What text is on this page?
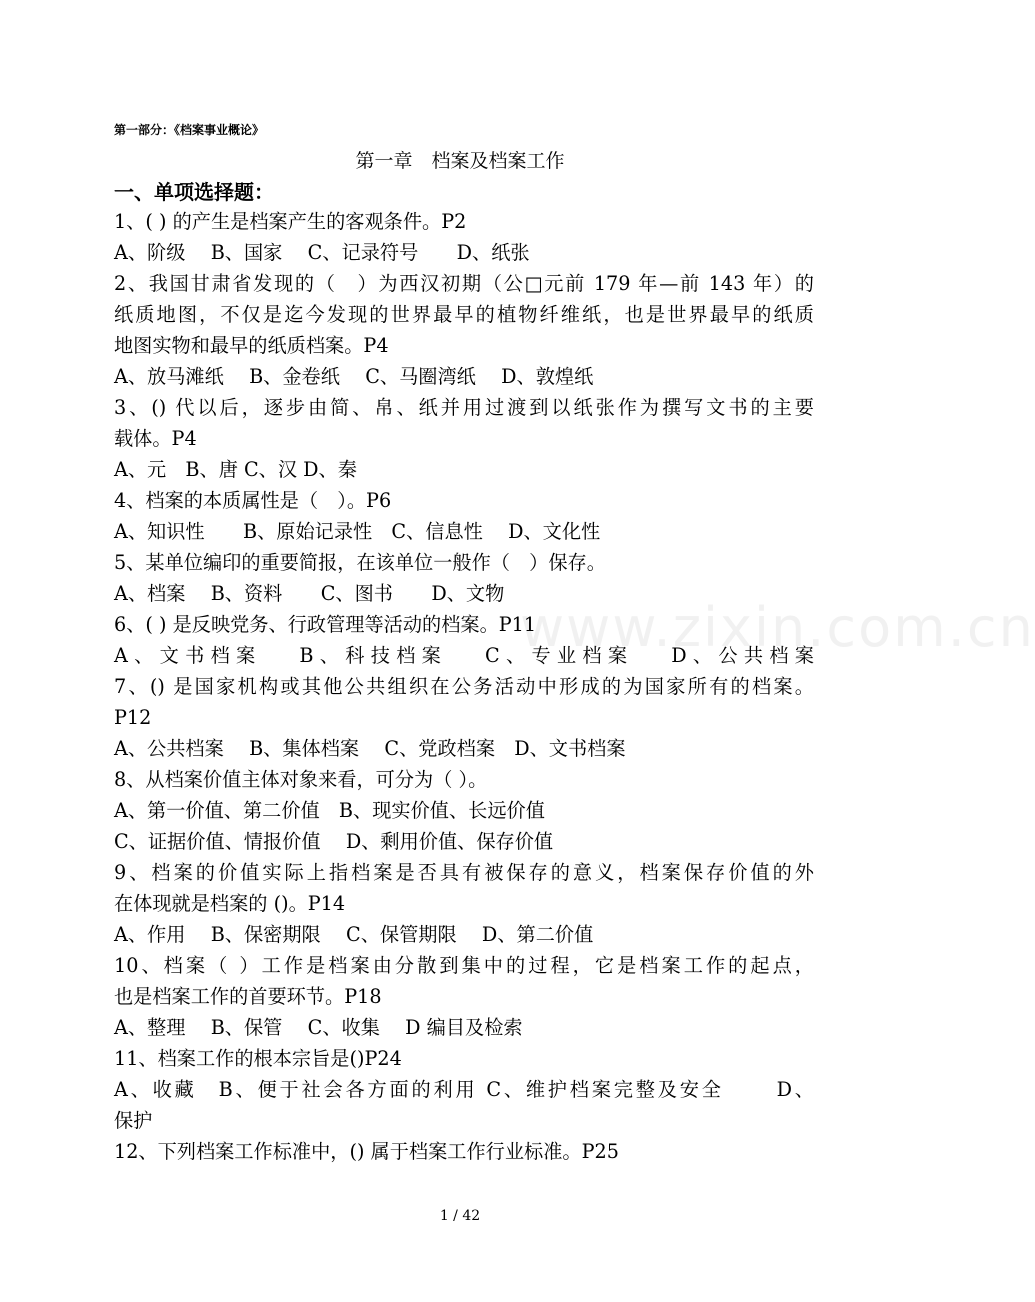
www.zixin.com.cn
第一部分：《档案事业概论》
第一章　档案及档案工作
一、单项选择题：
1、( ) 的产生是档案产生的客观条件。P2
A、阶级　 B、国家　 C、记录符号　　D、纸张
2、我国甘肃省发现的（　）为西汉初期（公□元前 179 年—前 143 年）的
纸质地图，不仅是迄今发现的世界最早的植物纤维纸，也是世界最早的纸质
地图实物和最早的纸质档案。P4
A、放马滩纸　 B、金卷纸　 C、马圈湾纸　 D、敦煌纸
3、() 代以后，逐步由简、帛、纸并用过渡到以纸张作为撰写文书的主要
载体。P4
A、元　B、唐 C、汉 D、秦
4、档案的本质属性是（　）。P6
A、知识性　　B、原始记录性　C、信息性　 D、文化性
5、某单位编印的重要简报，在该单位一般作（　）保存。
A、档案　 B、资料　　C、图书　　D、文物
6、( ) 是反映党务、行政管理等活动的档案。P11
A、文书档案　 B、科技档案　 C、专业档案　 D、公共档案
7、() 是国家机构或其他公共组织在公务活动中形成的为国家所有的档案。
P12
A、公共档案　 B、集体档案　 C、党政档案　D、文书档案
8、从档案价值主体对象来看，可分为（ ）。
A、第一价值、第二价值　B、现实价值、长远价值
C、证据价值、情报价值　 D、剩用价值、保存价值
9、档案的价值实际上指档案是否具有被保存的意义，档案保存价值的外
在体现就是档案的 ()。P14
A、作用　 B、保密期限　 C、保管期限　 D、第二价值
10、档案（ ）工作是档案由分散到集中的过程，它是档案工作的起点，
也是档案工作的首要环节。P18
A、整理　 B、保管　 C、收集　 D 编目及检索
11、档案工作的根本宗旨是()P24
A、收藏　B、便于社会各方面的利用 C、维护档案完整及安全　　 D、
保护
12、下列档案工作标准中，() 属于档案工作行业标准。P25
1 / 42
